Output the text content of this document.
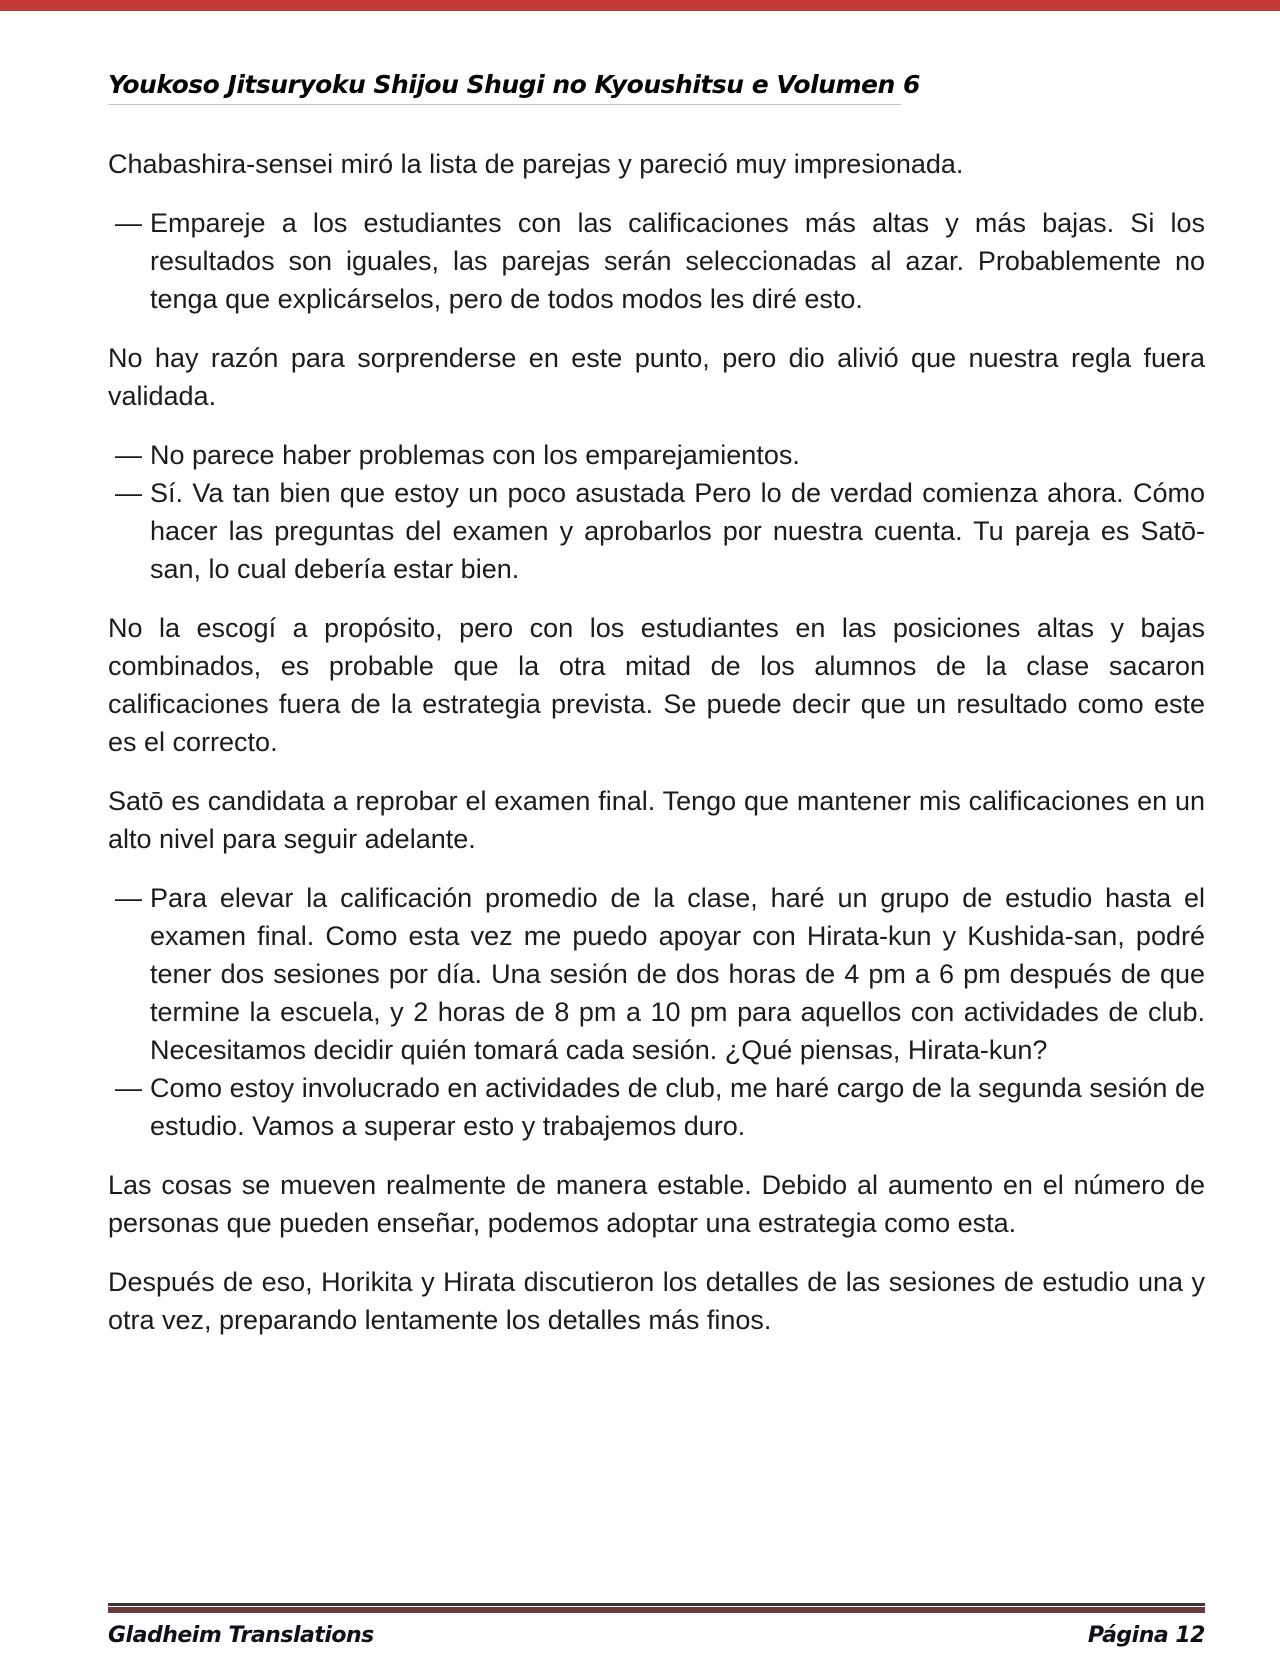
Youkoso Jitsuryoku Shijou Shugi no Kyoushitsu e Volumen 6

Chabashira-sensei miró la lista de parejas y pareció muy impresionada.

— Empareje a los estudiantes con las calificaciones más altas y más bajas. Si los resultados son iguales, las parejas serán seleccionadas al azar. Probablemente no tenga que explicárselos, pero de todos modos les diré esto.

No hay razón para sorprenderse en este punto, pero dio alivió que nuestra regla fuera validada.

— No parece haber problemas con los emparejamientos.
— Sí. Va tan bien que estoy un poco asustada Pero lo de verdad comienza ahora. Cómo hacer las preguntas del examen y aprobarlos por nuestra cuenta. Tu pareja es Satō-san, lo cual debería estar bien.

No la escogí a propósito, pero con los estudiantes en las posiciones altas y bajas combinados, es probable que la otra mitad de los alumnos de la clase sacaron calificaciones fuera de la estrategia prevista. Se puede decir que un resultado como este es el correcto.

Satō es candidata a reprobar el examen final. Tengo que mantener mis calificaciones en un alto nivel para seguir adelante.

— Para elevar la calificación promedio de la clase, haré un grupo de estudio hasta el examen final. Como esta vez me puedo apoyar con Hirata-kun y Kushida-san, podré tener dos sesiones por día. Una sesión de dos horas de 4 pm a 6 pm después de que termine la escuela, y 2 horas de 8 pm a 10 pm para aquellos con actividades de club. Necesitamos decidir quién tomará cada sesión. ¿Qué piensas, Hirata-kun?
— Como estoy involucrado en actividades de club, me haré cargo de la segunda sesión de estudio. Vamos a superar esto y trabajemos duro.

Las cosas se mueven realmente de manera estable. Debido al aumento en el número de personas que pueden enseñar, podemos adoptar una estrategia como esta.

Después de eso, Horikita y Hirata discutieron los detalles de las sesiones de estudio una y otra vez, preparando lentamente los detalles más finos.

Gladheim Translations	Página 12
